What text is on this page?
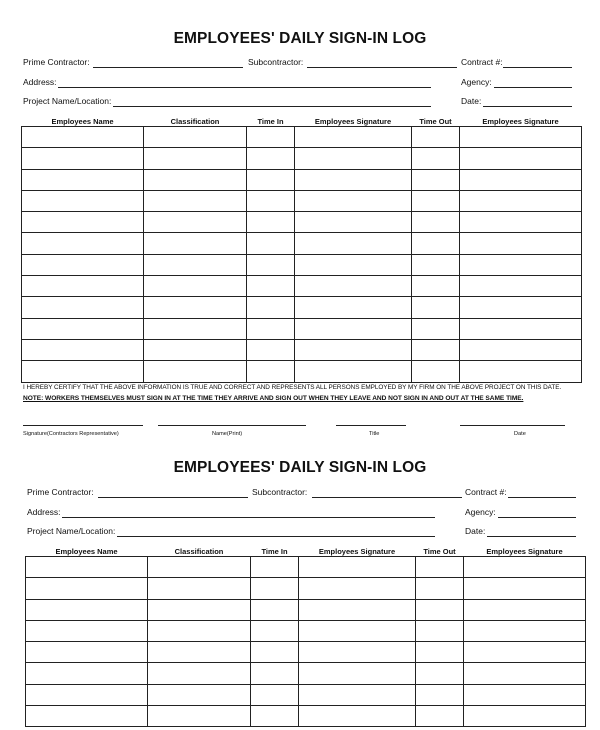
EMPLOYEES' DAILY SIGN-IN LOG
Prime Contractor:	Subcontractor:	Contract #:
Address:	Agency:
Project Name/Location:	Date:
Employees Name	Classification	Time In	Employees Signature	Time Out	Employees Signature

I HEREBY CERTIFY THAT THE ABOVE INFORMATION IS TRUE AND CORRECT AND REPRESENTS ALL PERSONS EMPLOYED BY MY FIRM ON THE ABOVE PROJECT ON THIS DATE.
NOTE: WORKERS THEMSELVES MUST SIGN IN AT THE TIME THEY ARRIVE AND SIGN OUT WHEN THEY LEAVE AND NOT SIGN IN AND OUT AT THE SAME TIME.
Signature(Contractors Representative)	Name(Print)	Title	Date
EMPLOYEES' DAILY SIGN-IN LOG
Prime Contractor:	Subcontractor:	Contract #:
Address:	Agency:
Project Name/Location:	Date:
Employees Name	Classification	Time In	Employees Signature	Time Out	Employees Signature
